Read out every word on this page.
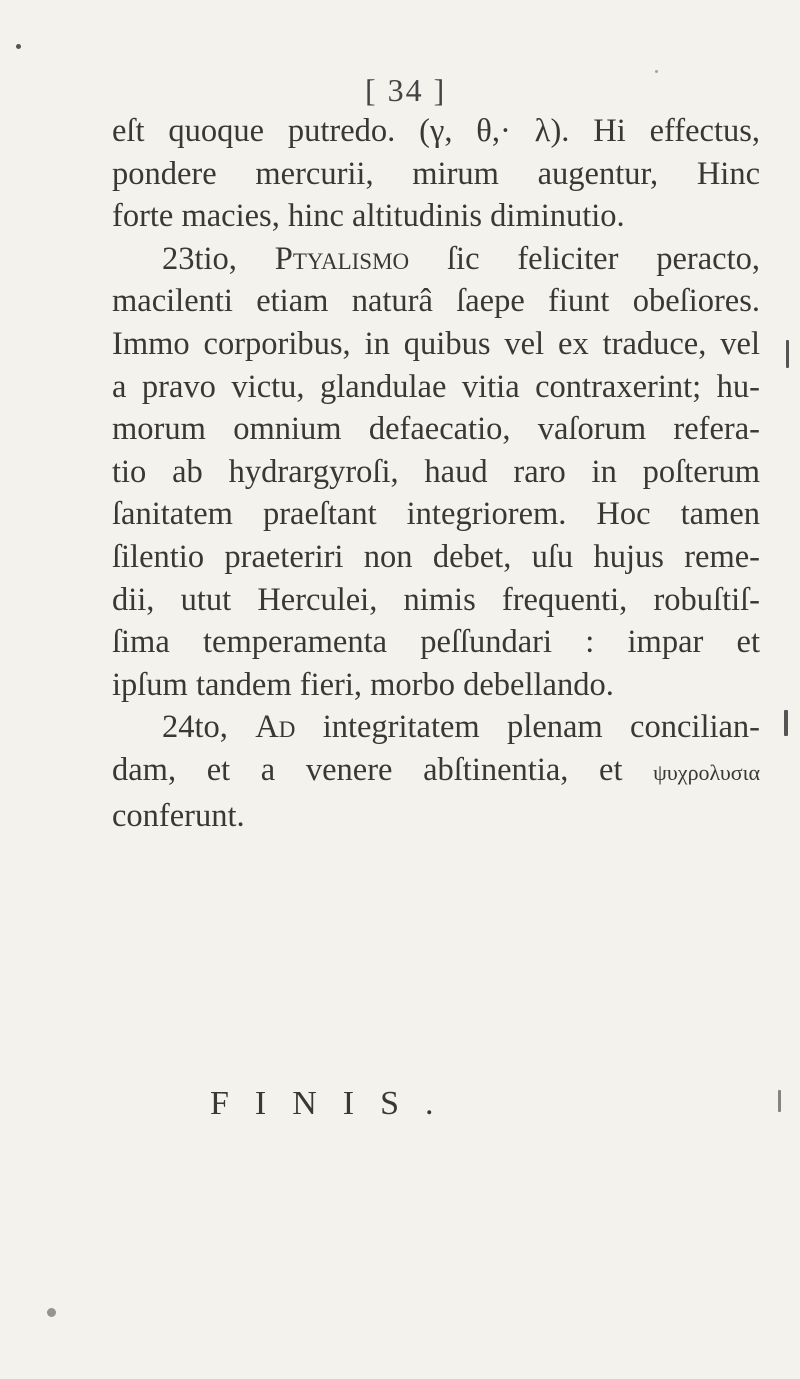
[ 34 ]
eſt quoque putredo. (γ, θ,· λ). Hi effectus,
pondere mercurii, mirum augentur, Hinc
forte macies, hinc altitudinis diminutio.
23tio, Ptyalismo ſic feliciter peracto,
macilenti etiam naturâ ſaepe fiunt obeſiores.
Immo corporibus, in quibus vel ex traduce, vel
a pravo victu, glandulae vitia contraxerint; hu-
morum omnium defaecatio, vaſorum refera-
tio ab hydrargyroſi, haud raro in poſterum
ſanitatem praeſtant integriorem. Hoc tamen
ſilentio praeteriri non debet, uſu hujus reme-
dii, utut Herculei, nimis frequenti, robuſtiſ-
ſima temperamenta peſſundari : impar et
ipſum tandem fieri, morbo debellando.
24to, Ad integritatem plenam concilian-
dam, et a venere abſtinentia, et ψυχρολυσια
conferunt.
FINIS.
